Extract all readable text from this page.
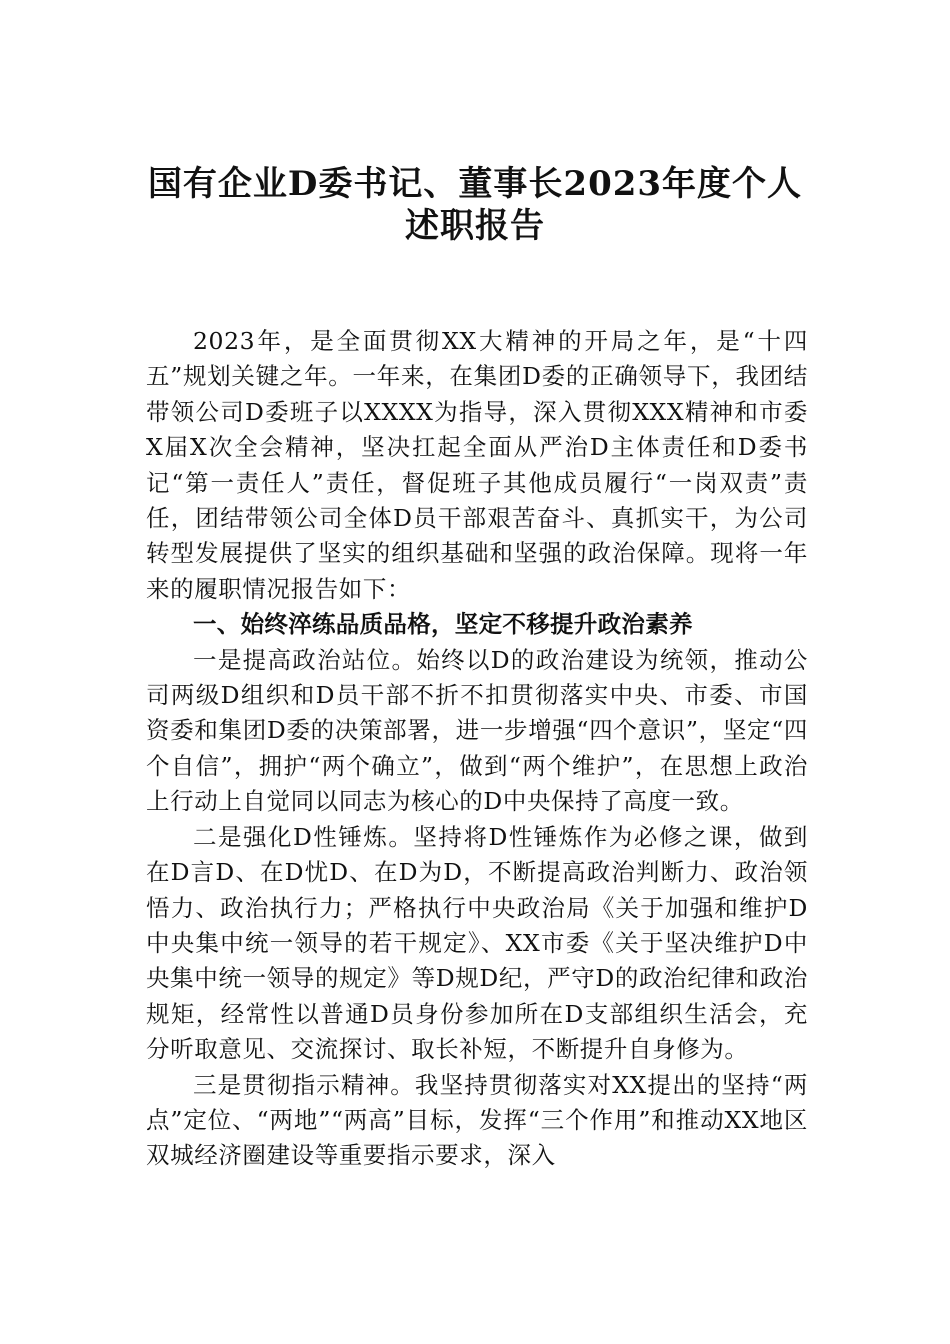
国有企业D委书记、董事长2023年度个人
述职报告

2023年，是全面贯彻XX大精神的开局之年，是“十四五”规划关键之年。一年来，在集团D委的正确领导下，我团结带领公司D委班子以XXXX为指导，深入贯彻XXX精神和市委X届X次全会精神，坚决扛起全面从严治D主体责任和D委书记“第一责任人”责任，督促班子其他成员履行“一岗双责”责任，团结带领公司全体D员干部艰苦奋斗、真抓实干，为公司转型发展提供了坚实的组织基础和坚强的政治保障。现将一年来的履职情况报告如下：

一、始终淬练品质品格，坚定不移提升政治素养

一是提高政治站位。始终以D的政治建设为统领，推动公司两级D组织和D员干部不折不扣贯彻落实中央、市委、市国资委和集团D委的决策部署，进一步增强“四个意识”，坚定“四个自信”，拥护“两个确立”，做到“两个维护”，在思想上政治上行动上自觉同以同志为核心的D中央保持了高度一致。

二是强化D性锤炼。坚持将D性锤炼作为必修之课，做到在D言D、在D忧D、在D为D，不断提高政治判断力、政治领悟力、政治执行力；严格执行中央政治局《关于加强和维护D中央集中统一领导的若干规定》、XX市委《关于坚决维护D中央集中统一领导的规定》等D规D纪，严守D的政治纪律和政治规矩，经常性以普通D员身份参加所在D支部组织生活会，充分听取意见、交流探讨、取长补短，不断提升自身修为。

三是贯彻指示精神。我坚持贯彻落实对XX提出的坚持“两点”定位、“两地”“两高”目标，发挥“三个作用”和推动XX地区双城经济圈建设等重要指示要求，深入
